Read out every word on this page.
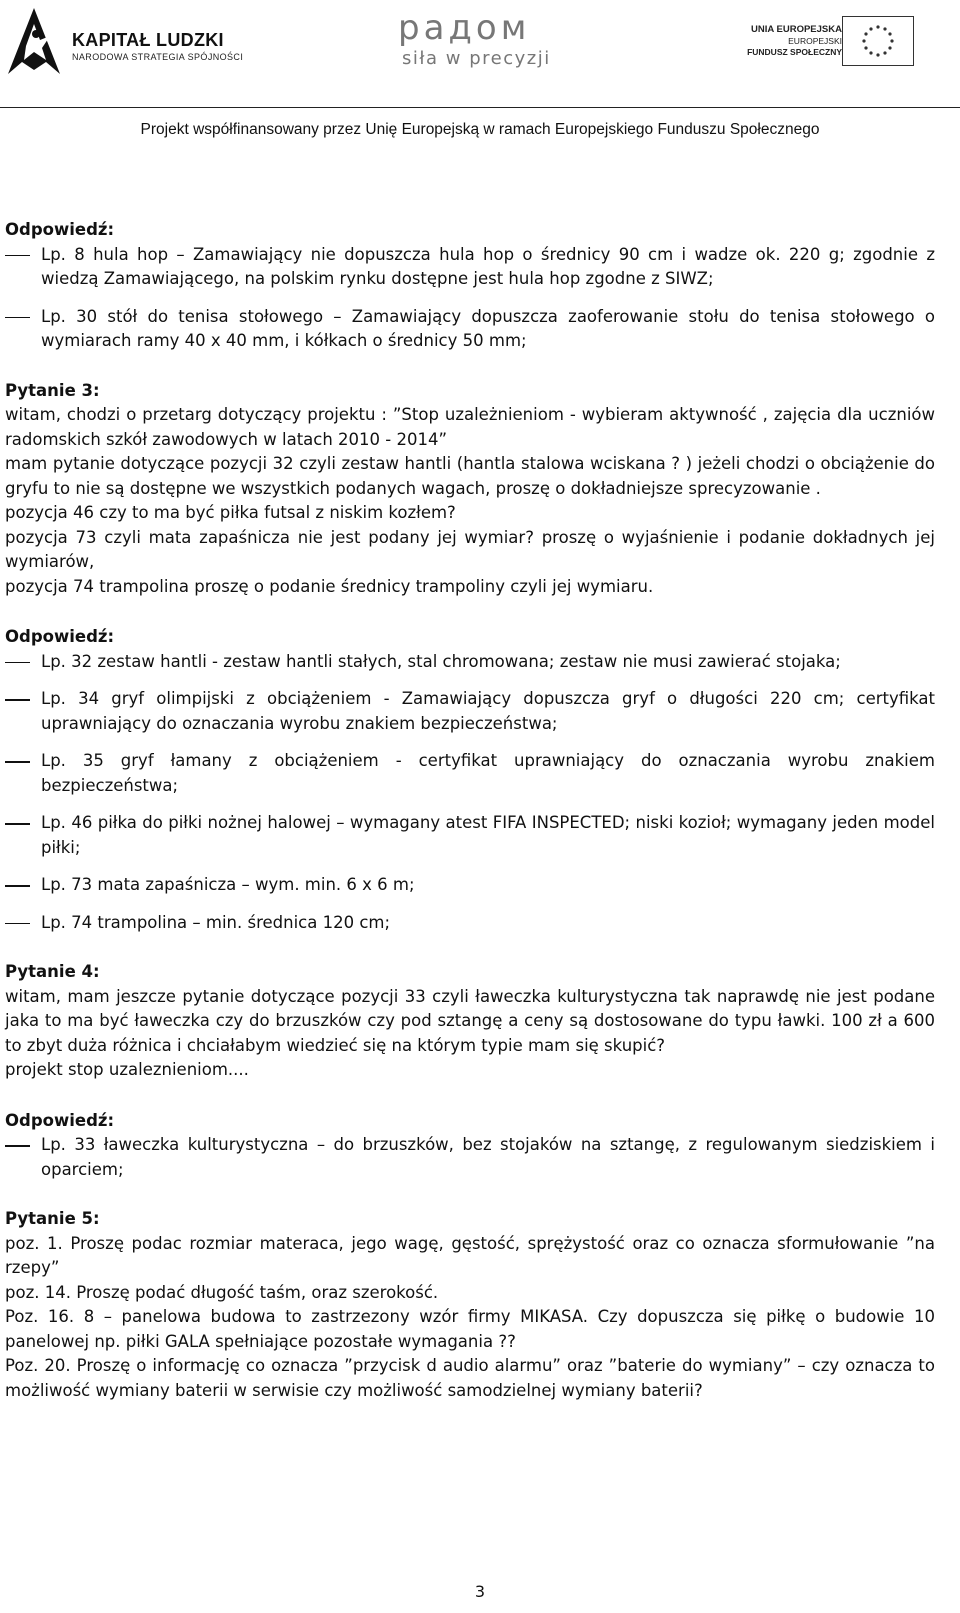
KAPITAŁ LUDZKI
NARODOWA STRATEGIA SPÓJNOŚCI
радом
siła w precyzji
UNIA EUROPEJSKA
EUROPEJSKI
FUNDUSZ SPOŁECZNY
Projekt współfinansowany przez Unię Europejską w ramach Europejskiego Funduszu Społecznego

Odpowiedź:

Lp. 8 hula hop – Zamawiający nie dopuszcza hula hop o średnicy 90 cm i wadze ok. 220 g; zgodnie z wiedzą Zamawiającego, na polskim rynku dostępne jest hula hop zgodne z SIWZ;
Lp. 30 stół do tenisa stołowego – Zamawiający dopuszcza zaoferowanie stołu do tenisa stołowego o wymiarach ramy 40 x 40 mm, i kółkach o średnicy 50 mm;

Pytanie 3:

witam, chodzi o przetarg dotyczący projektu : ”Stop uzależnieniom - wybieram aktywność , zajęcia dla uczniów radomskich szkół zawodowych w latach 2010 - 2014”

mam pytanie dotyczące pozycji 32 czyli zestaw hantli (hantla stalowa wciskana ? ) jeżeli chodzi o obciążenie do gryfu to nie są dostępne we wszystkich podanych wagach, proszę o dokładniejsze sprecyzowanie .

pozycja 46 czy to ma być piłka futsal z niskim kozłem?

pozycja 73 czyli mata zapaśnicza nie jest podany jej wymiar? proszę o wyjaśnienie i podanie dokładnych jej wymiarów,

pozycja 74 trampolina proszę o podanie średnicy trampoliny czyli jej wymiaru.

Odpowiedź:

Lp. 32 zestaw hantli - zestaw hantli stałych, stal chromowana; zestaw nie musi zawierać stojaka;
Lp. 34 gryf olimpijski z obciążeniem - Zamawiający dopuszcza gryf o długości 220 cm; certyfikat uprawniający do oznaczania wyrobu znakiem bezpieczeństwa;
Lp. 35 gryf łamany z obciążeniem - certyfikat uprawniający do oznaczania wyrobu znakiem bezpieczeństwa;
Lp. 46 piłka do piłki nożnej halowej – wymagany atest FIFA INSPECTED; niski kozioł; wymagany jeden model piłki;
Lp. 73 mata zapaśnicza – wym. min. 6 x 6 m;
Lp. 74 trampolina – min. średnica 120 cm;

Pytanie 4:

witam, mam jeszcze pytanie dotyczące pozycji 33 czyli ławeczka kulturystyczna tak naprawdę nie jest podane jaka to ma być ławeczka czy do brzuszków czy pod sztangę a ceny są dostosowane do typu ławki. 100 zł a 600 to zbyt duża różnica i chciałabym wiedzieć się na którym typie mam się skupić?

projekt stop uzaleznieniom....

Odpowiedź:

Lp. 33 ławeczka kulturystyczna – do brzuszków, bez stojaków na sztangę, z regulowanym siedziskiem i oparciem;

Pytanie 5:

poz. 1. Proszę podac rozmiar materaca, jego wagę, gęstość, sprężystość oraz co oznacza sformułowanie ”na rzepy”

poz. 14. Proszę podać długość taśm, oraz szerokość.

Poz. 16. 8 – panelowa budowa to zastrzezony wzór firmy MIKASA. Czy dopuszcza się piłkę o budowie 10 panelowej np. piłki GALA spełniające pozostałe wymagania ??

Poz. 20. Proszę o informację co oznacza ”przycisk d audio alarmu” oraz ”baterie do wymiany” – czy oznacza to możliwość wymiany baterii w serwisie czy możliwość samodzielnej wymiany baterii?

3
